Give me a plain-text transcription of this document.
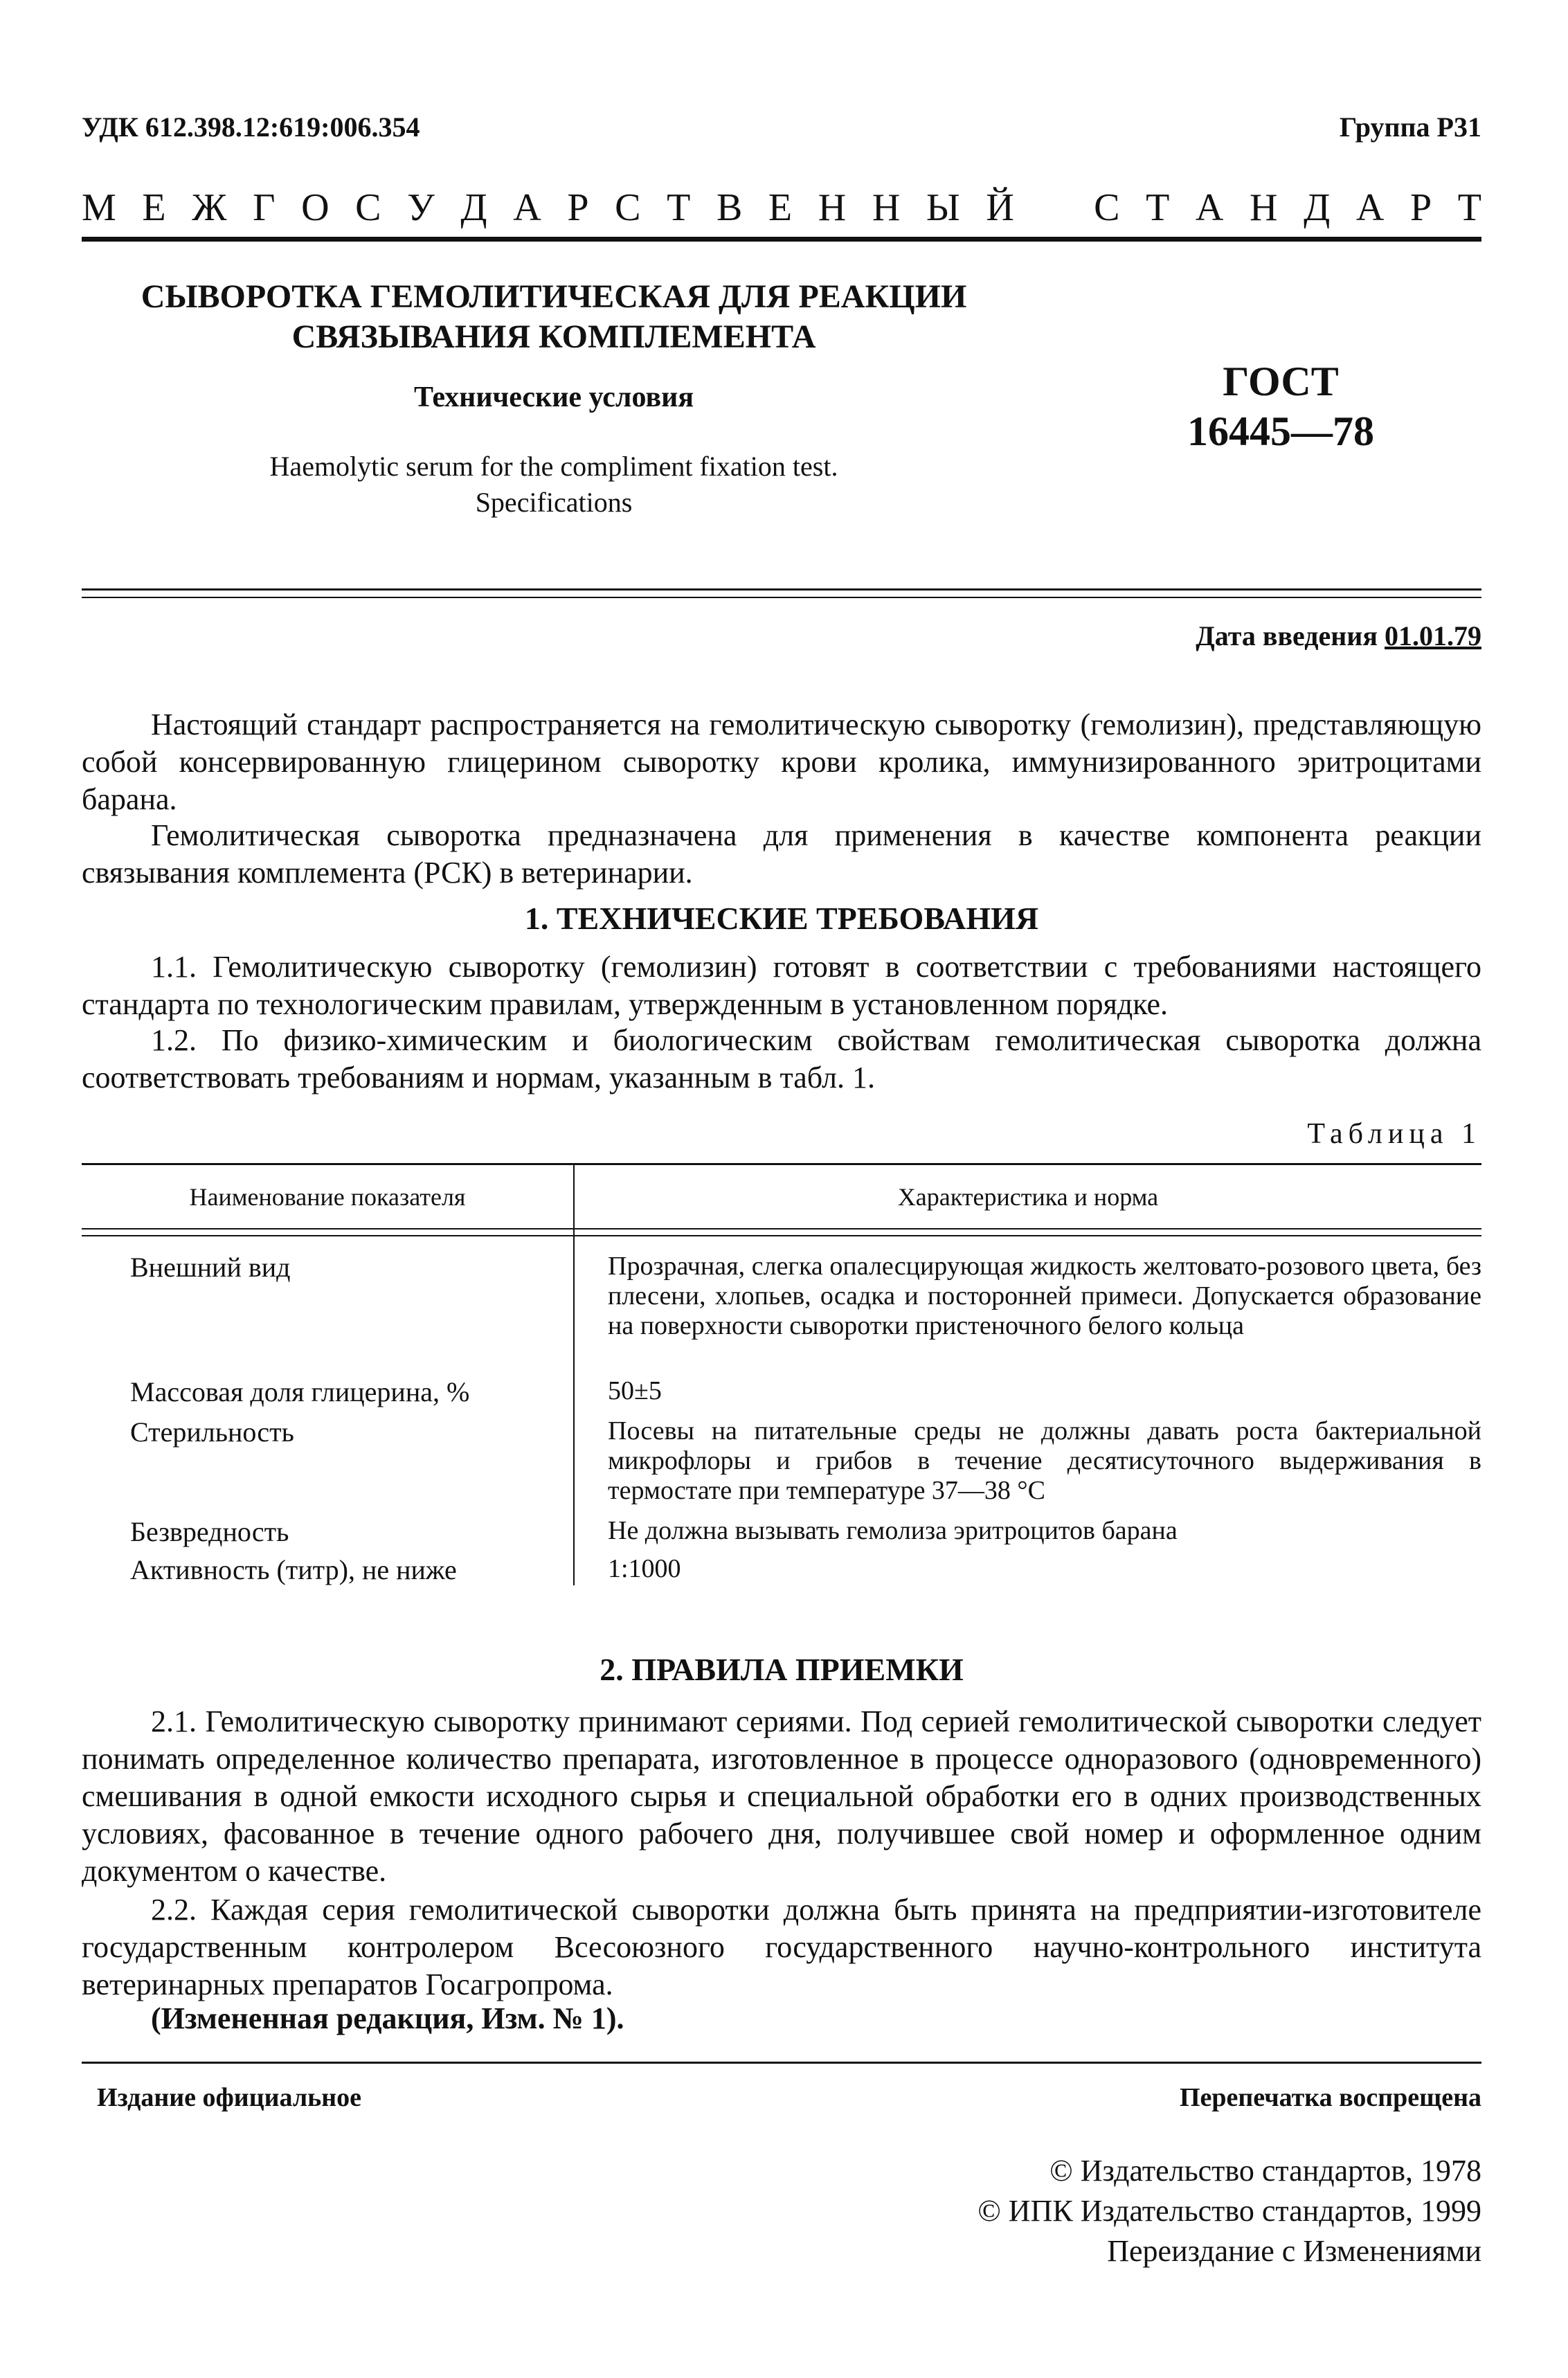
УДК 612.398.12:619:006.354	Группа Р31
М Е Ж Г О С У Д А Р С Т В Е Н Н Ы Й С Т А Н Д А Р Т
СЫВОРОТКА ГЕМОЛИТИЧЕСКАЯ ДЛЯ РЕАКЦИИ
СВЯЗЫВАНИЯ КОМПЛЕМЕНТА
Технические условия	ГОСТ
16445—78
Haemolytic serum for the compliment fixation test.
Specifications
Дата введения 01.01.79
Настоящий стандарт распространяется на гемолитическую сыворотку (гемолизин), представляющую собой консервированную глицерином сыворотку крови кролика, иммунизированного эритроцитами барана.
Гемолитическая сыворотка предназначена для применения в качестве компонента реакции связывания комплемента (РСК) в ветеринарии.
1. ТЕХНИЧЕСКИЕ ТРЕБОВАНИЯ
1.1. Гемолитическую сыворотку (гемолизин) готовят в соответствии с требованиями настоящего стандарта по технологическим правилам, утвержденным в установленном порядке.
1.2. По физико-химическим и биологическим свойствам гемолитическая сыворотка должна соответствовать требованиям и нормам, указанным в табл. 1.
Таблица 1
Наименование показателя	Характеристика и норма
Внешний вид	Прозрачная, слегка опалесцирующая жидкость желтовато-розового цвета, без плесени, хлопьев, осадка и посторонней примеси. Допускается образование на поверхности сыворотки пристеночного белого кольца
Массовая доля глицерина, %	50±5
Стерильность	Посевы на питательные среды не должны давать роста бактериальной микрофлоры и грибов в течение десятисуточного выдерживания в термостате при температуре 37—38 °С
Безвредность	Не должна вызывать гемолиза эритроцитов барана
Активность (титр), не ниже	1:1000
2. ПРАВИЛА ПРИЕМКИ
2.1. Гемолитическую сыворотку принимают сериями. Под серией гемолитической сыворотки следует понимать определенное количество препарата, изготовленное в процессе одноразового (одновременного) смешивания в одной емкости исходного сырья и специальной обработки его в одних производственных условиях, фасованное в течение одного рабочего дня, получившее свой номер и оформленное одним документом о качестве.
2.2. Каждая серия гемолитической сыворотки должна быть принята на предприятии-изготовителе государственным контролером Всесоюзного государственного научно-контрольного института ветеринарных препаратов Госагропрома.
(Измененная редакция, Изм. № 1).
Издание официальное	Перепечатка воспрещена
© Издательство стандартов, 1978
© ИПК Издательство стандартов, 1999
Переиздание с Изменениями
